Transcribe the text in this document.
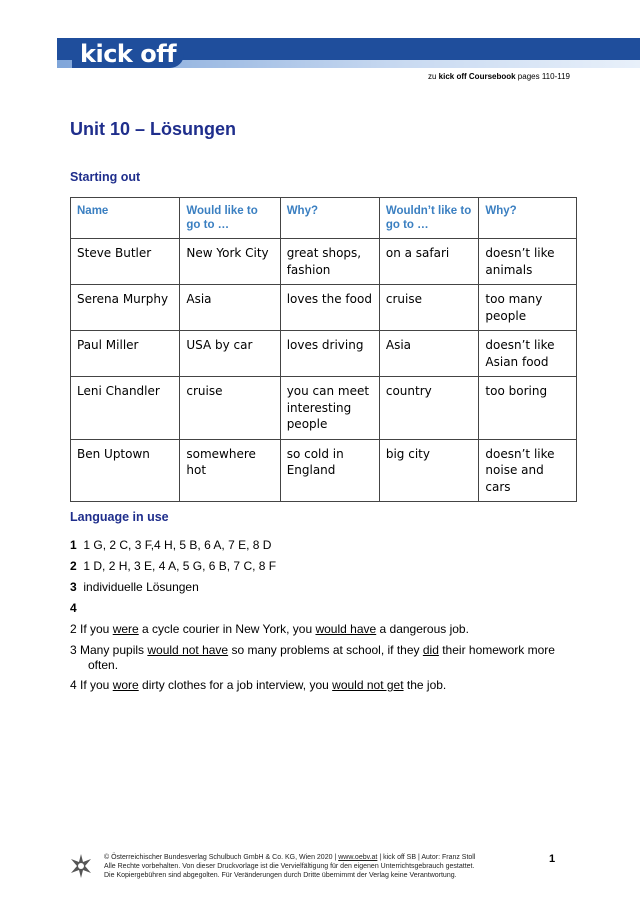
kick off
zu kick off Coursebook pages 110-119
Unit 10 – Lösungen
Starting out
Name	Would like to go to …	Why?	Wouldn’t like to go to …	Why?
Steve Butler	New York City	great shops, fashion	on a safari	doesn’t like animals
Serena Murphy	Asia	loves the food	cruise	too many people
Paul Miller	USA by car	loves driving	Asia	doesn’t like Asian food
Leni Chandler	cruise	you can meet interesting people	country	too boring
Ben Uptown	somewhere hot	so cold in England	big city	doesn’t like noise and cars
Language in use
1 1 G, 2 C, 3 F,4 H, 5 B, 6 A, 7 E, 8 D
2 1 D, 2 H, 3 E, 4 A, 5 G, 6 B, 7 C, 8 F
3 individuelle Lösungen
4
2 If you were a cycle courier in New York, you would have a dangerous job.
3 Many pupils would not have so many problems at school, if they did their homework more
often.
4 If you wore dirty clothes for a job interview, you would not get the job.
© Österreichischer Bundesverlag Schulbuch GmbH & Co. KG, Wien 2020 | www.oebv.at | kick off SB | Autor: Franz Stoll
Alle Rechte vorbehalten. Von dieser Druckvorlage ist die Vervielfältigung für den eigenen Unterrichtsgebrauch gestattet.
Die Kopiergebühren sind abgegolten. Für Veränderungen durch Dritte übernimmt der Verlag keine Verantwortung.
1
